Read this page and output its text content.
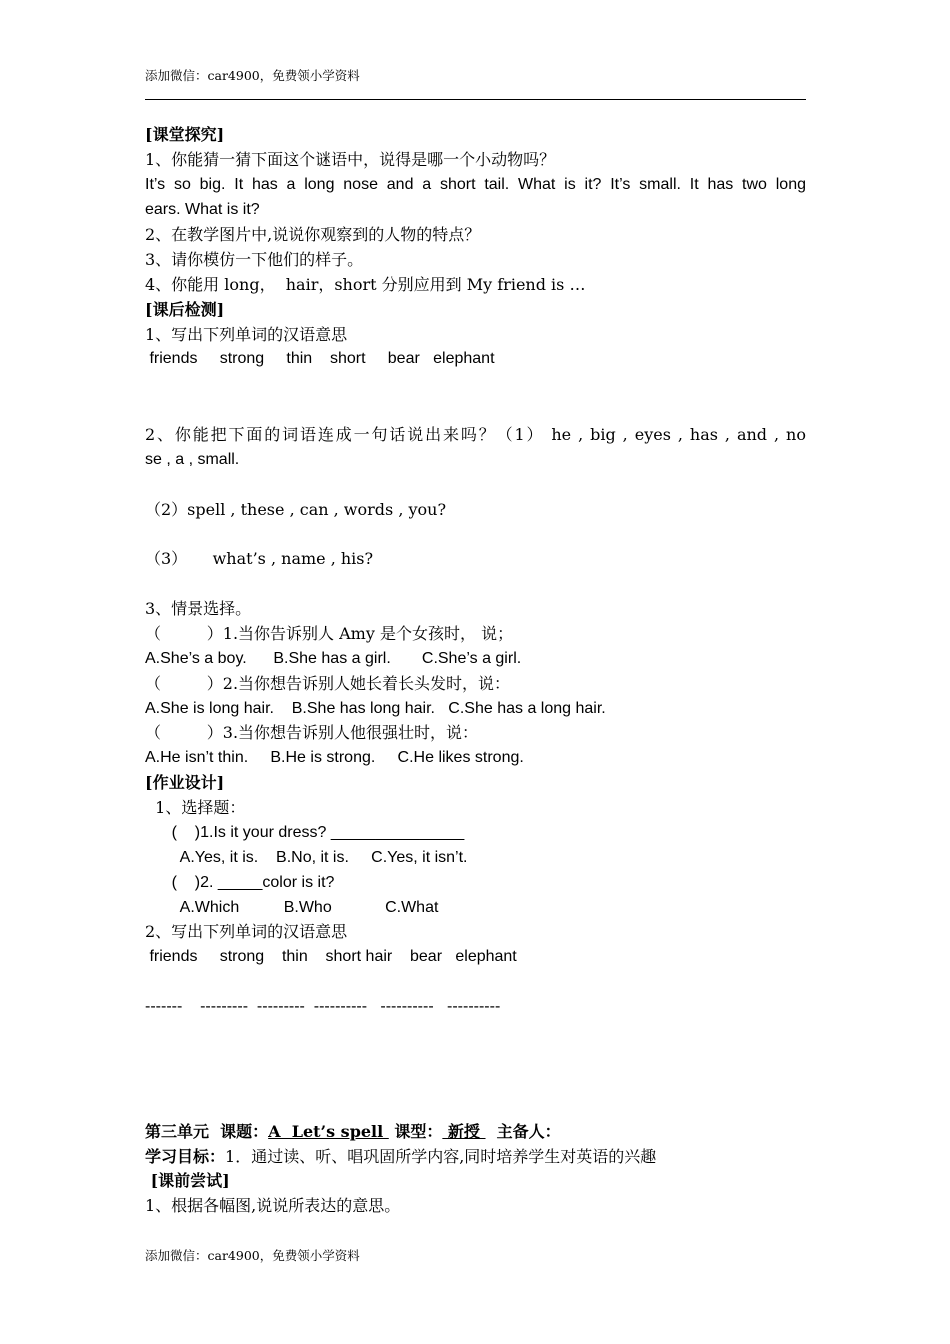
添加微信：car4900，免费领小学资料
[课堂探究]
1、你能猜一猜下面这个谜语中，说得是哪一个小动物吗？
It’s so big. It has a long nose and a short tail. What is it? It’s small. It has two long
ears. What is it?
2、在教学图片中,说说你观察到的人物的特点？
3、请你模仿一下他们的样子。
4、你能用 long，  hair，short 分别应用到 My friend is …
[课后检测]
1、写出下列单词的汉语意思
friends     strong     thin    short     bear   elephant
2、你能把下面的词语连成一句话说出来吗？（1） he , big , eyes , has , and , no
se , a , small.
（2）spell , these , can , words , you?
（3）     what’s , name , his?
3、情景选择。
（         ）1.当你告诉别人 Amy 是个女孩时， 说；
A.She’s a boy.      B.She has a girl.       C.She’s a girl.
（         ）2.当你想告诉别人她长着长头发时，说：
A.She is long hair.    B.She has long hair.   C.She has a long hair.
（         ）3.当你想告诉别人他很强壮时，说：
A.He isn’t thin.     B.He is strong.     C.He likes strong.
[作业设计]
1、选择题：
(    )1.Is it your dress? _______________
A.Yes, it is.    B.No, it is.     C.Yes, it isn’t.
(    )2. _____color is it?
A.Which          B.Who            C.What
2、写出下列单词的汉语意思
friends     strong    thin    short hair    bear   elephant
-------    ---------  ---------  ----------   ----------   ----------
第三单元  课题：A  Let’s spell  课型： 新授   主备人：
学习目标：1．通过读、听、唱巩固所学内容,同时培养学生对英语的兴趣
[课前尝试]
1、根据各幅图,说说所表达的意思。
添加微信：car4900，免费领小学资料
